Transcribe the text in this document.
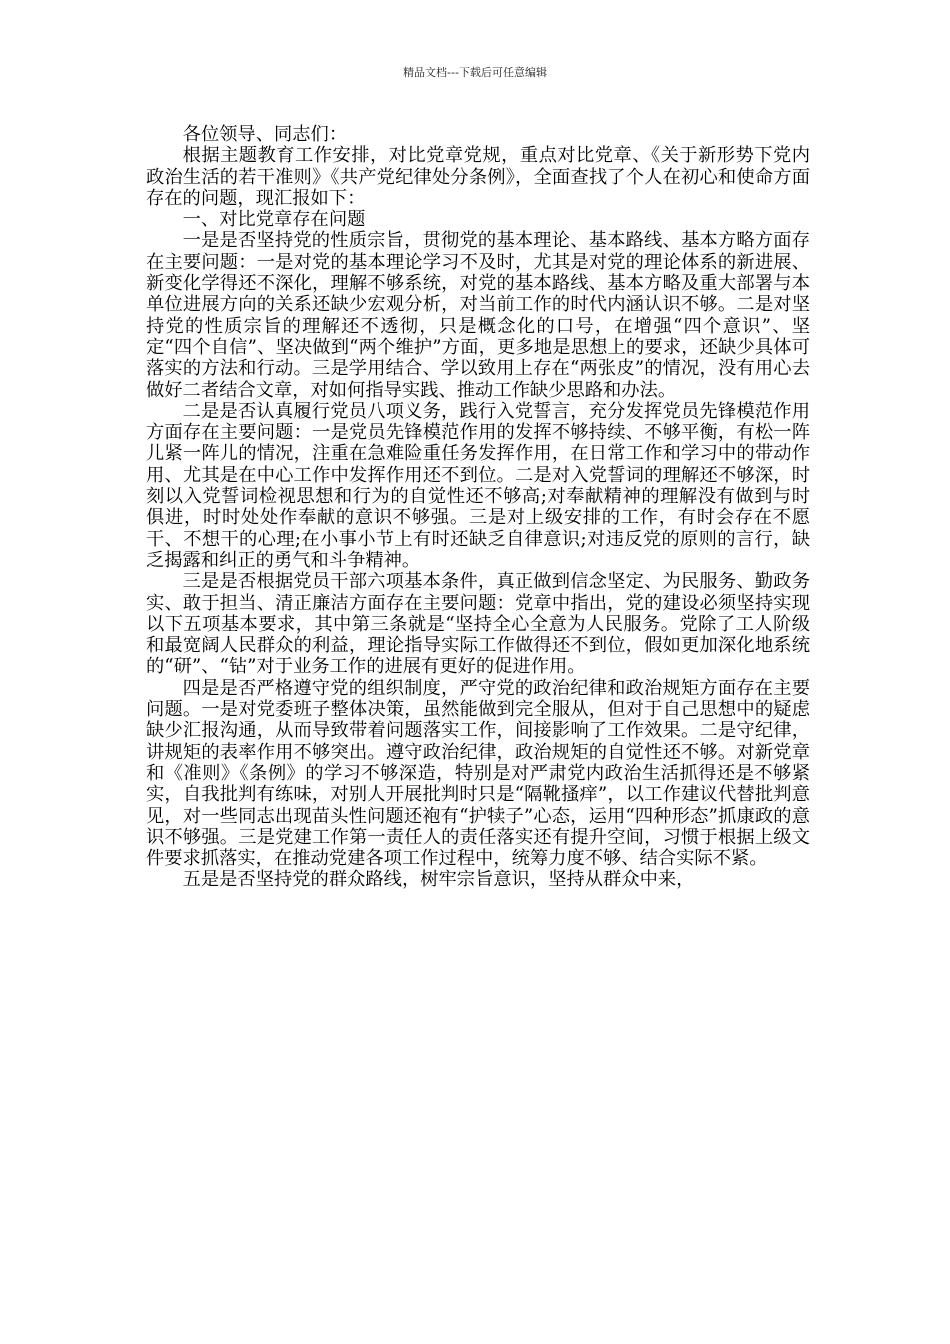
精品文档---下载后可任意编辑

各位领导、同志们：

根据主题教育工作安排，对比党章党规，重点对比党章、《关于新形势下党内政治生活的若干准则》《共产党纪律处分条例》，全面查找了个人在初心和使命方面存在的问题，现汇报如下：

一、对比党章存在问题

一是是否坚持党的性质宗旨，贯彻党的基本理论、基本路线、基本方略方面存在主要问题：一是对党的基本理论学习不及时，尤其是对党的理论体系的新进展、新变化学得还不深化，理解不够系统，对党的基本路线、基本方略及重大部署与本单位进展方向的关系还缺少宏观分析，对当前工作的时代内涵认识不够。二是对坚持党的性质宗旨的理解还不透彻，只是概念化的口号，在增强“四个意识”、坚定“四个自信”、坚决做到“两个维护”方面，更多地是思想上的要求，还缺少具体可落实的方法和行动。三是学用结合、学以致用上存在“两张皮”的情况，没有用心去做好二者结合文章，对如何指导实践、推动工作缺少思路和办法。

二是是否认真履行党员八项义务，践行入党誓言，充分发挥党员先锋模范作用方面存在主要问题：一是党员先锋模范作用的发挥不够持续、不够平衡，有松一阵儿紧一阵儿的情况，注重在急难险重任务发挥作用，在日常工作和学习中的带动作用、尤其是在中心工作中发挥作用还不到位。二是对入党誓词的理解还不够深，时刻以入党誓词检视思想和行为的自觉性还不够高;对奉献精神的理解没有做到与时俱进，时时处处作奉献的意识不够强。三是对上级安排的工作，有时会存在不愿干、不想干的心理;在小事小节上有时还缺乏自律意识;对违反党的原则的言行，缺乏揭露和纠正的勇气和斗争精神。

三是是否根据党员干部六项基本条件，真正做到信念坚定、为民服务、勤政务实、敢于担当、清正廉洁方面存在主要问题：党章中指出，党的建设必须坚持实现以下五项基本要求，其中第三条就是“坚持全心全意为人民服务。党除了工人阶级和最宽阔人民群众的利益，理论指导实际工作做得还不到位，假如更加深化地系统的“研”、“钻”对于业务工作的进展有更好的促进作用。

四是是否严格遵守党的组织制度，严守党的政治纪律和政治规矩方面存在主要问题。一是对党委班子整体决策，虽然能做到完全服从，但对于自己思想中的疑虑缺少汇报沟通，从而导致带着问题落实工作，间接影响了工作效果。二是守纪律，讲规矩的表率作用不够突出。遵守政治纪律，政治规矩的自觉性还不够。对新党章和《准则》《条例》的学习不够深造，特别是对严肃党内政治生活抓得还是不够紧实，自我批判有练味，对别人开展批判时只是“隔靴搔痒”，以工作建议代替批判意见，对一些同志出现苗头性问题还袍有“护犊子”心态，运用“四种形态”抓康政的意识不够强。三是党建工作第一责任人的责任落实还有提升空间，习惯于根据上级文件要求抓落实，在推动党建各项工作过程中，统筹力度不够、结合实际不紧。

五是是否坚持党的群众路线，树牢宗旨意识，坚持从群众中来，
